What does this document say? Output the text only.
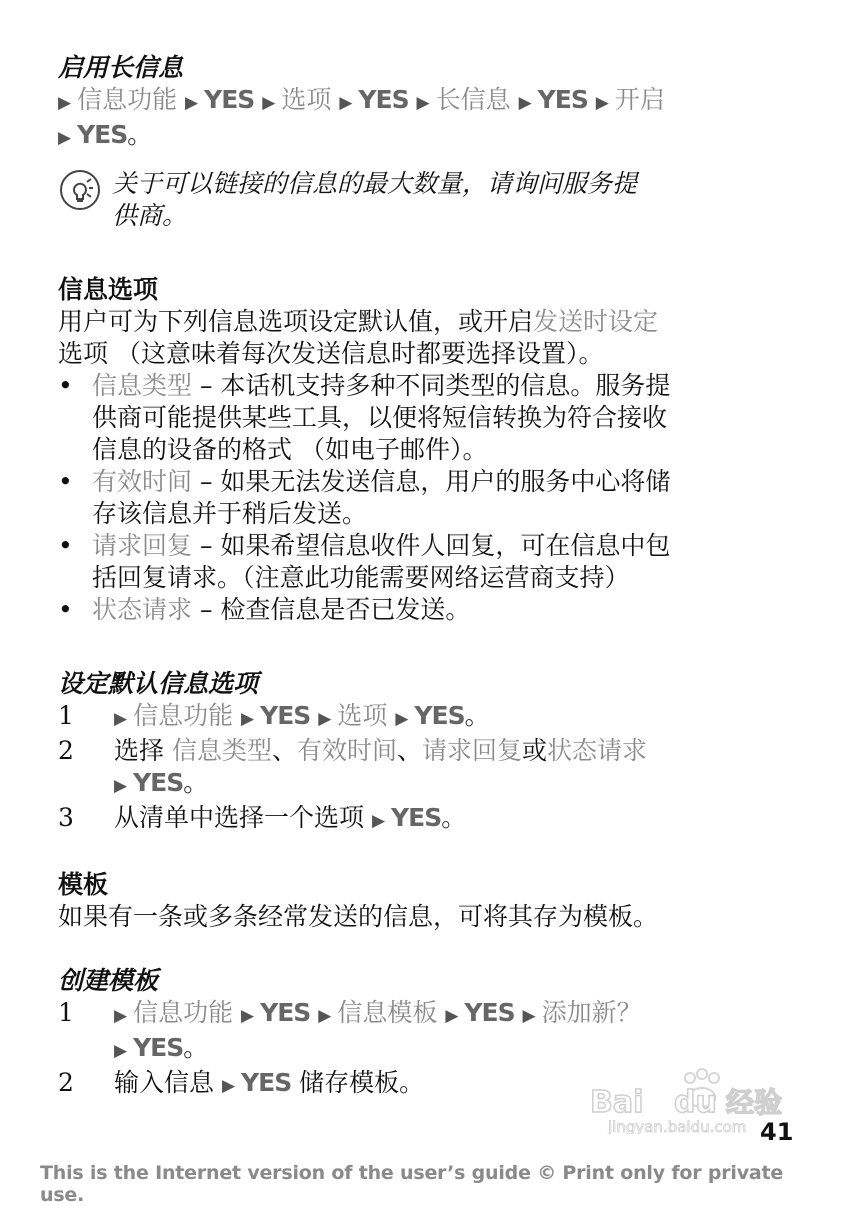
启用长信息

▶ 信息功能 ▶ YES ▶ 选项 ▶ YES ▶ 长信息 ▶ YES ▶ 开启
▶ YES。

关于可以链接的信息的最大数量，请询问服务提
供商。
信息选项

用户可为下列信息选项设定默认值，或开启发送时设定
选项 （这意味着每次发送信息时都要选择设置）。

• 信息类型 – 本话机支持多种不同类型的信息。服务提
供商可能提供某些工具，以便将短信转换为符合接收
信息的设备的格式 （如电子邮件）。
• 有效时间 – 如果无法发送信息，用户的服务中心将储
存该信息并于稍后发送。
• 请求回复 – 如果希望信息收件人回复，可在信息中包
括回复请求。（注意此功能需要网络运营商支持）
• 状态请求 – 检查信息是否已发送。
设定默认信息选项
1	▶ 信息功能 ▶ YES ▶ 选项 ▶ YES。
2	选择 信息类型、有效时间、请求回复或状态请求
▶ YES。
3	从清单中选择一个选项 ▶ YES。
模板

如果有一条或多条经常发送的信息，可将其存为模板。

创建模板
1	▶ 信息功能 ▶ YES ▶ 信息模板 ▶ YES ▶ 添加新？
▶ YES。
2	输入信息 ▶ YES 储存模板。
Bai du 经验
jingyan.baidu.com 41
This is the Internet version of the user’s guide © Print only for private use.
